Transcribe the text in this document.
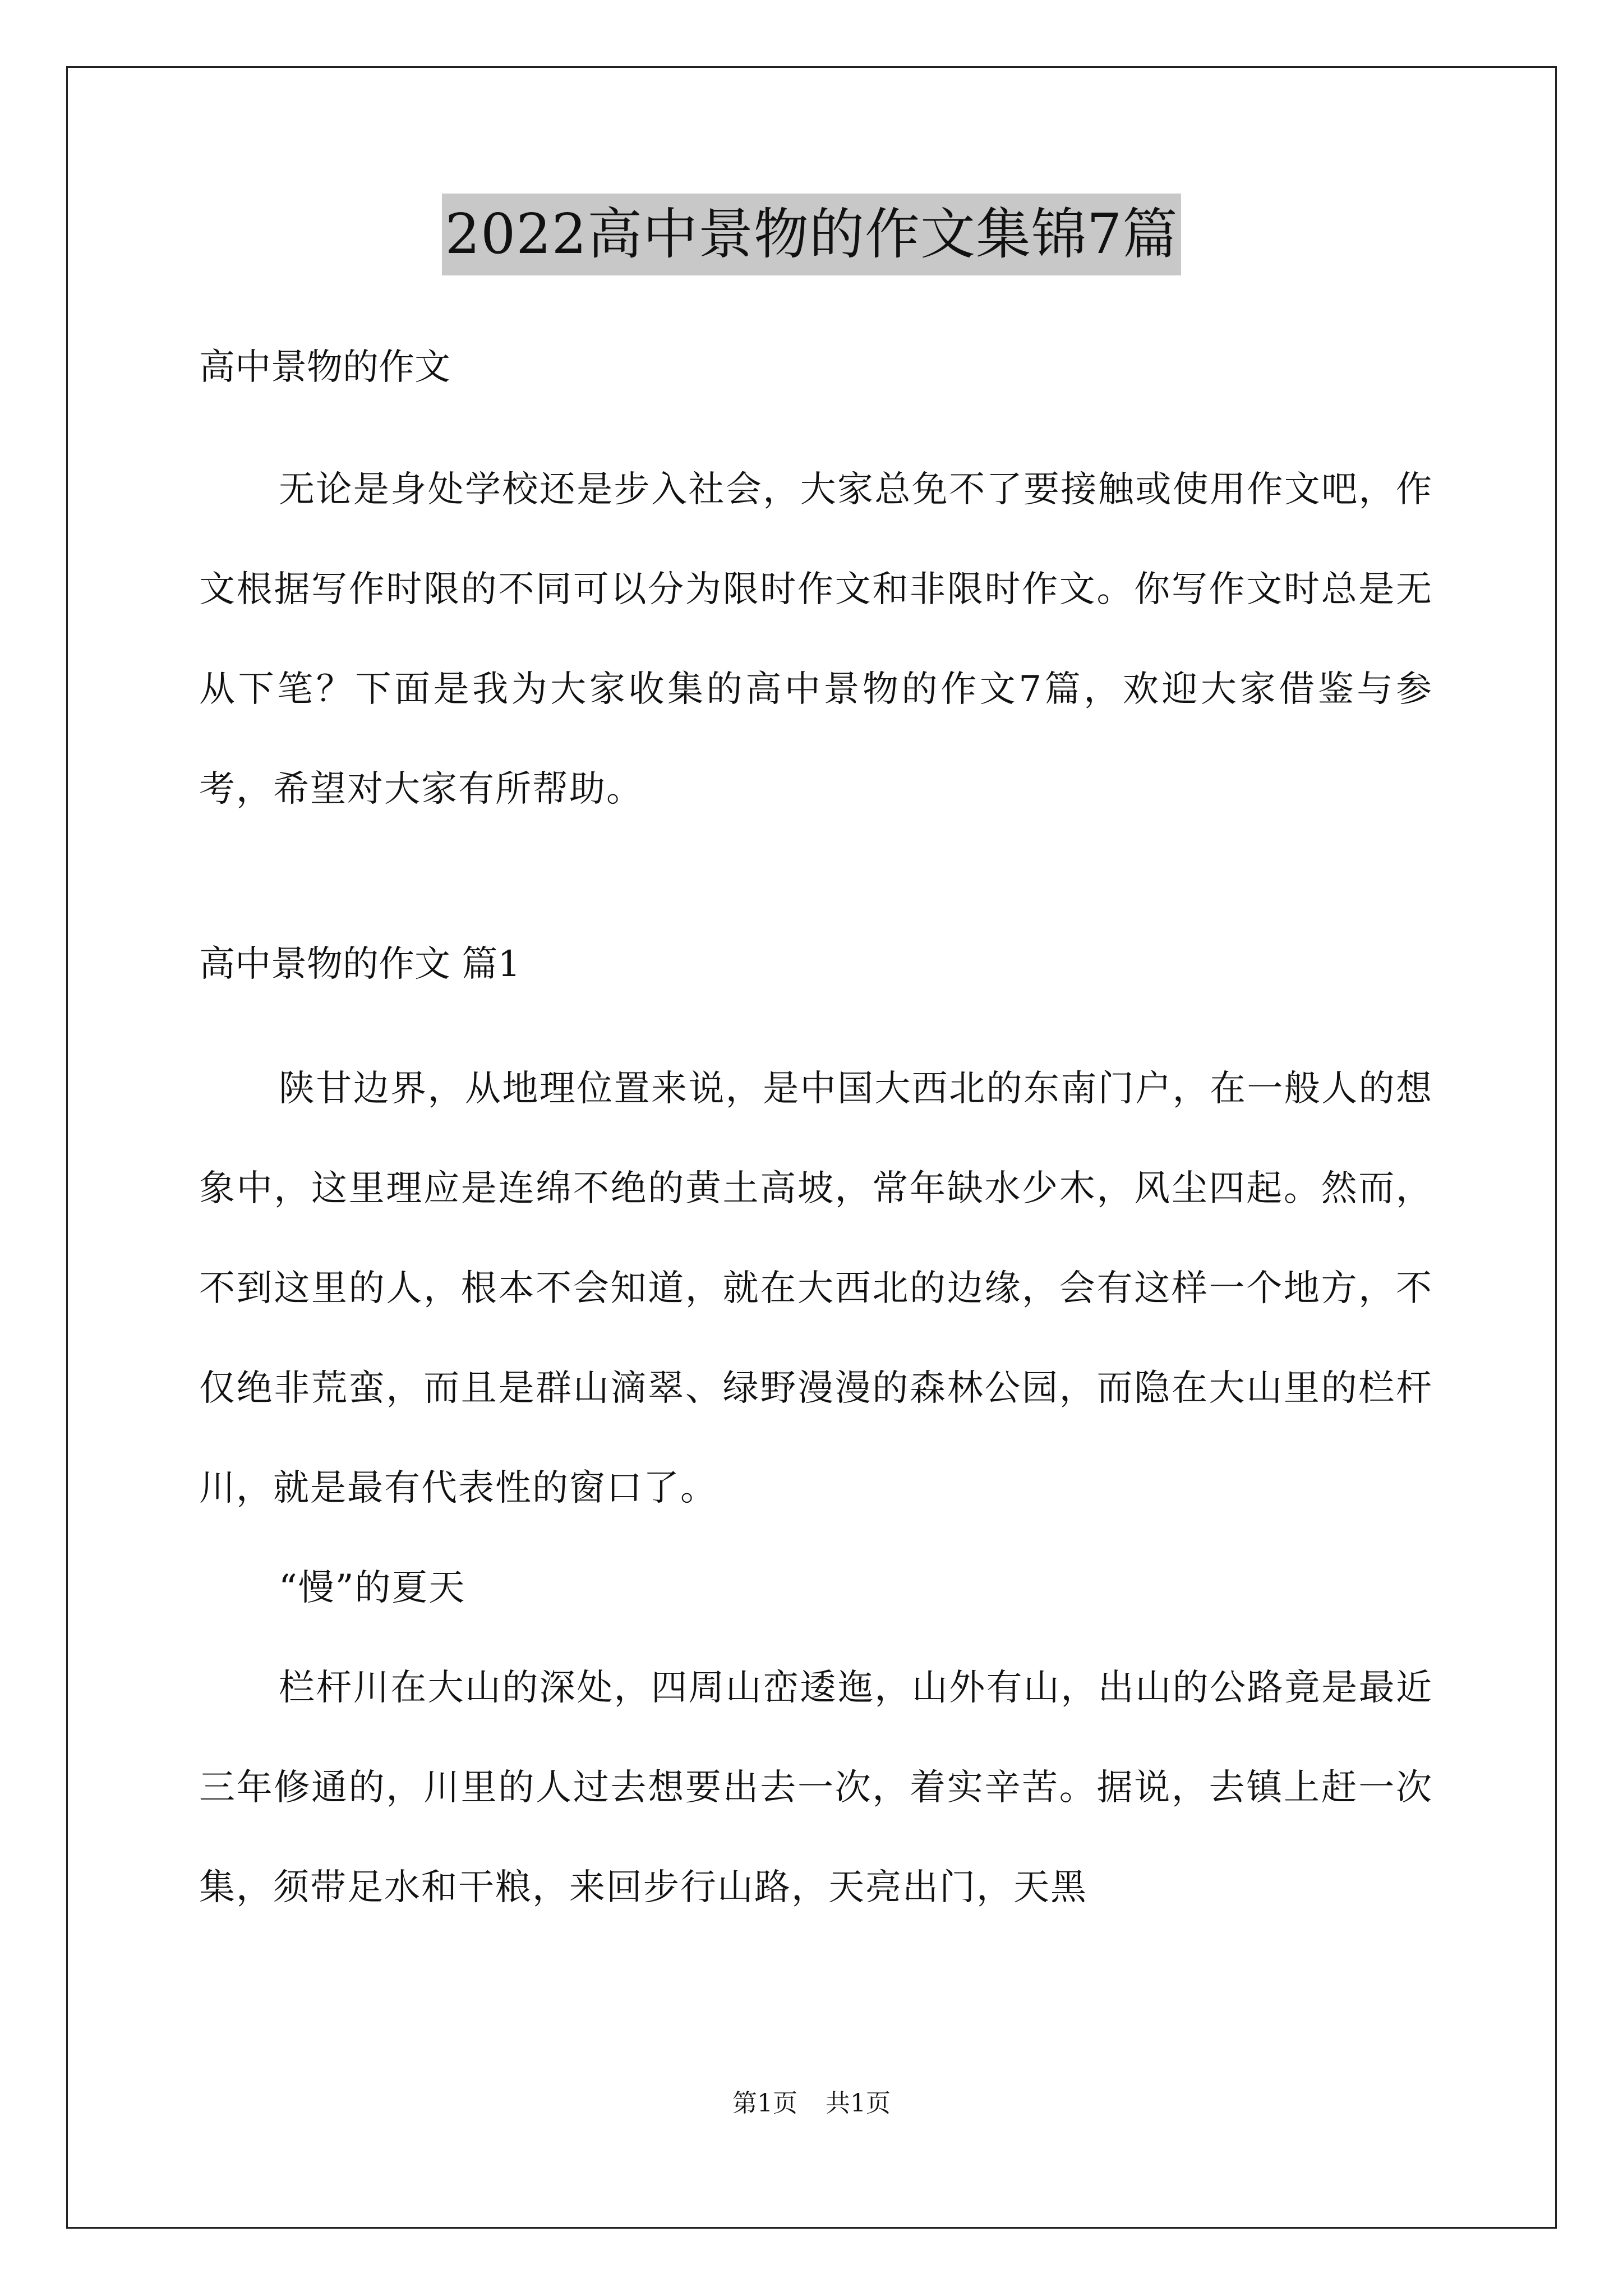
2022高中景物的作文集锦7篇

高中景物的作文

无论是身处学校还是步入社会，大家总免不了要接触或使用作文吧，作文根据写作时限的不同可以分为限时作文和非限时作文。你写作文时总是无从下笔？下面是我为大家收集的高中景物的作文7篇，欢迎大家借鉴与参考，希望对大家有所帮助。

高中景物的作文 篇1

陕甘边界，从地理位置来说，是中国大西北的东南门户，在一般人的想象中，这里理应是连绵不绝的黄土高坡，常年缺水少木，风尘四起。然而，不到这里的人，根本不会知道，就在大西北的边缘，会有这样一个地方，不仅绝非荒蛮，而且是群山滴翠、绿野漫漫的森林公园，而隐在大山里的栏杆川，就是最有代表性的窗口了。

“慢”的夏天

栏杆川在大山的深处，四周山峦逶迤，山外有山，出山的公路竟是最近三年修通的，川里的人过去想要出去一次，着实辛苦。据说，去镇上赶一次集，须带足水和干粮，来回步行山路，天亮出门，天黑

第1页 共1页
